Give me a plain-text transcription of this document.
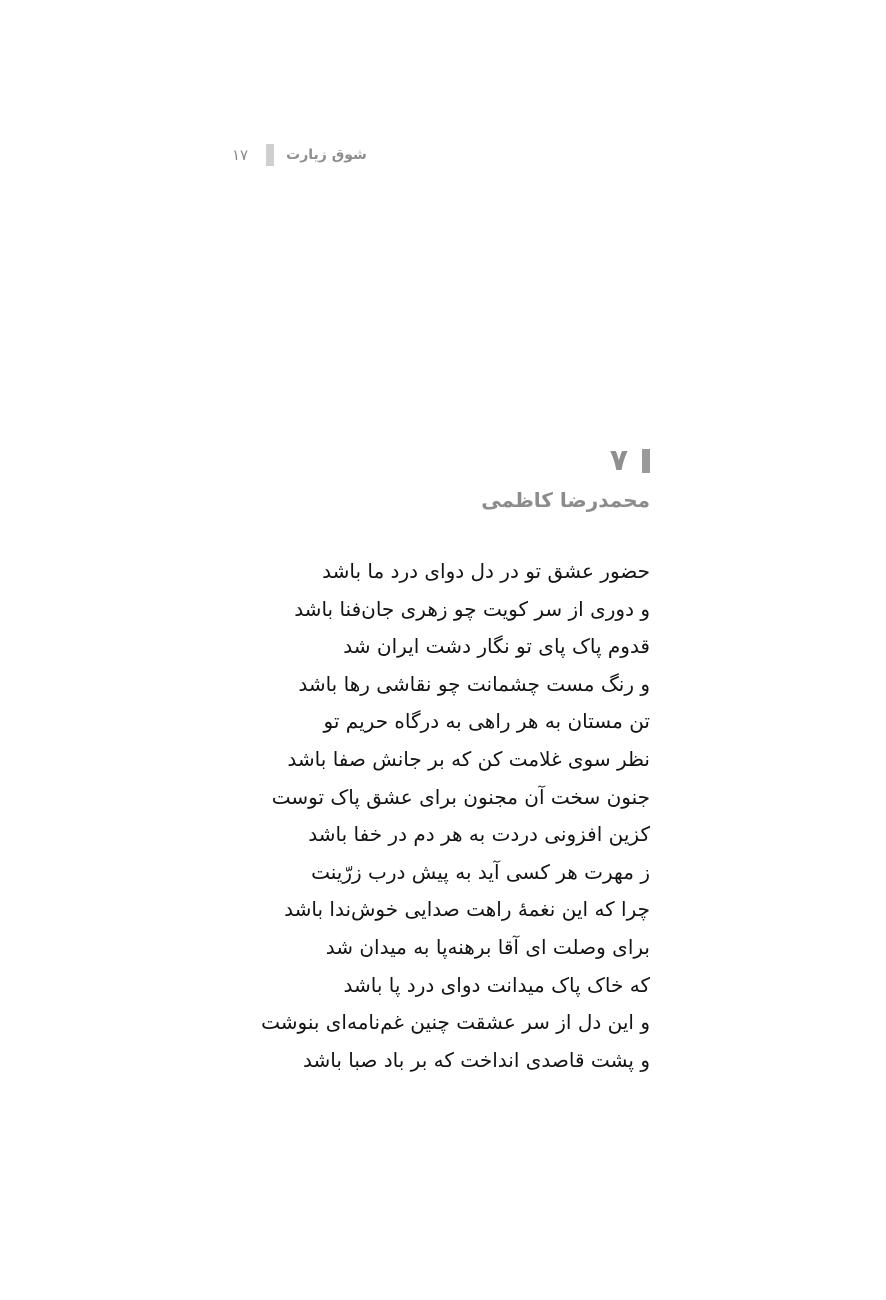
۱۷	شوق زیارت
۷
محمدرضا کاظمی
حضور عشق تو در دل دوای درد ما باشد
و دوری از سر کویت چو زهری جان‌فنا باشد
قدوم پاک پای تو نگار دشت ایران شد
و رنگ مست چشمانت چو نقاشی رها باشد
تن مستان به هر راهی به درگاه حریم تو
نظر سوی غلامت کن که بر جانش صفا باشد
جنون سخت آن مجنون برای عشق پاک توست
کزین افزونی دردت به هر دم در خفا باشد
ز مهرت هر کسی آید به پیش درب زرّینت
چرا که این نغمۀ راهت صدایی خوش‌ندا باشد
برای وصلت ای آقا برهنه‌پا به میدان شد
که خاک پاک میدانت دوای درد پا باشد
و این دل از سر عشقت چنین غم‌نامه‌ای بنوشت
و پشت قاصدی انداخت که بر باد صبا باشد
